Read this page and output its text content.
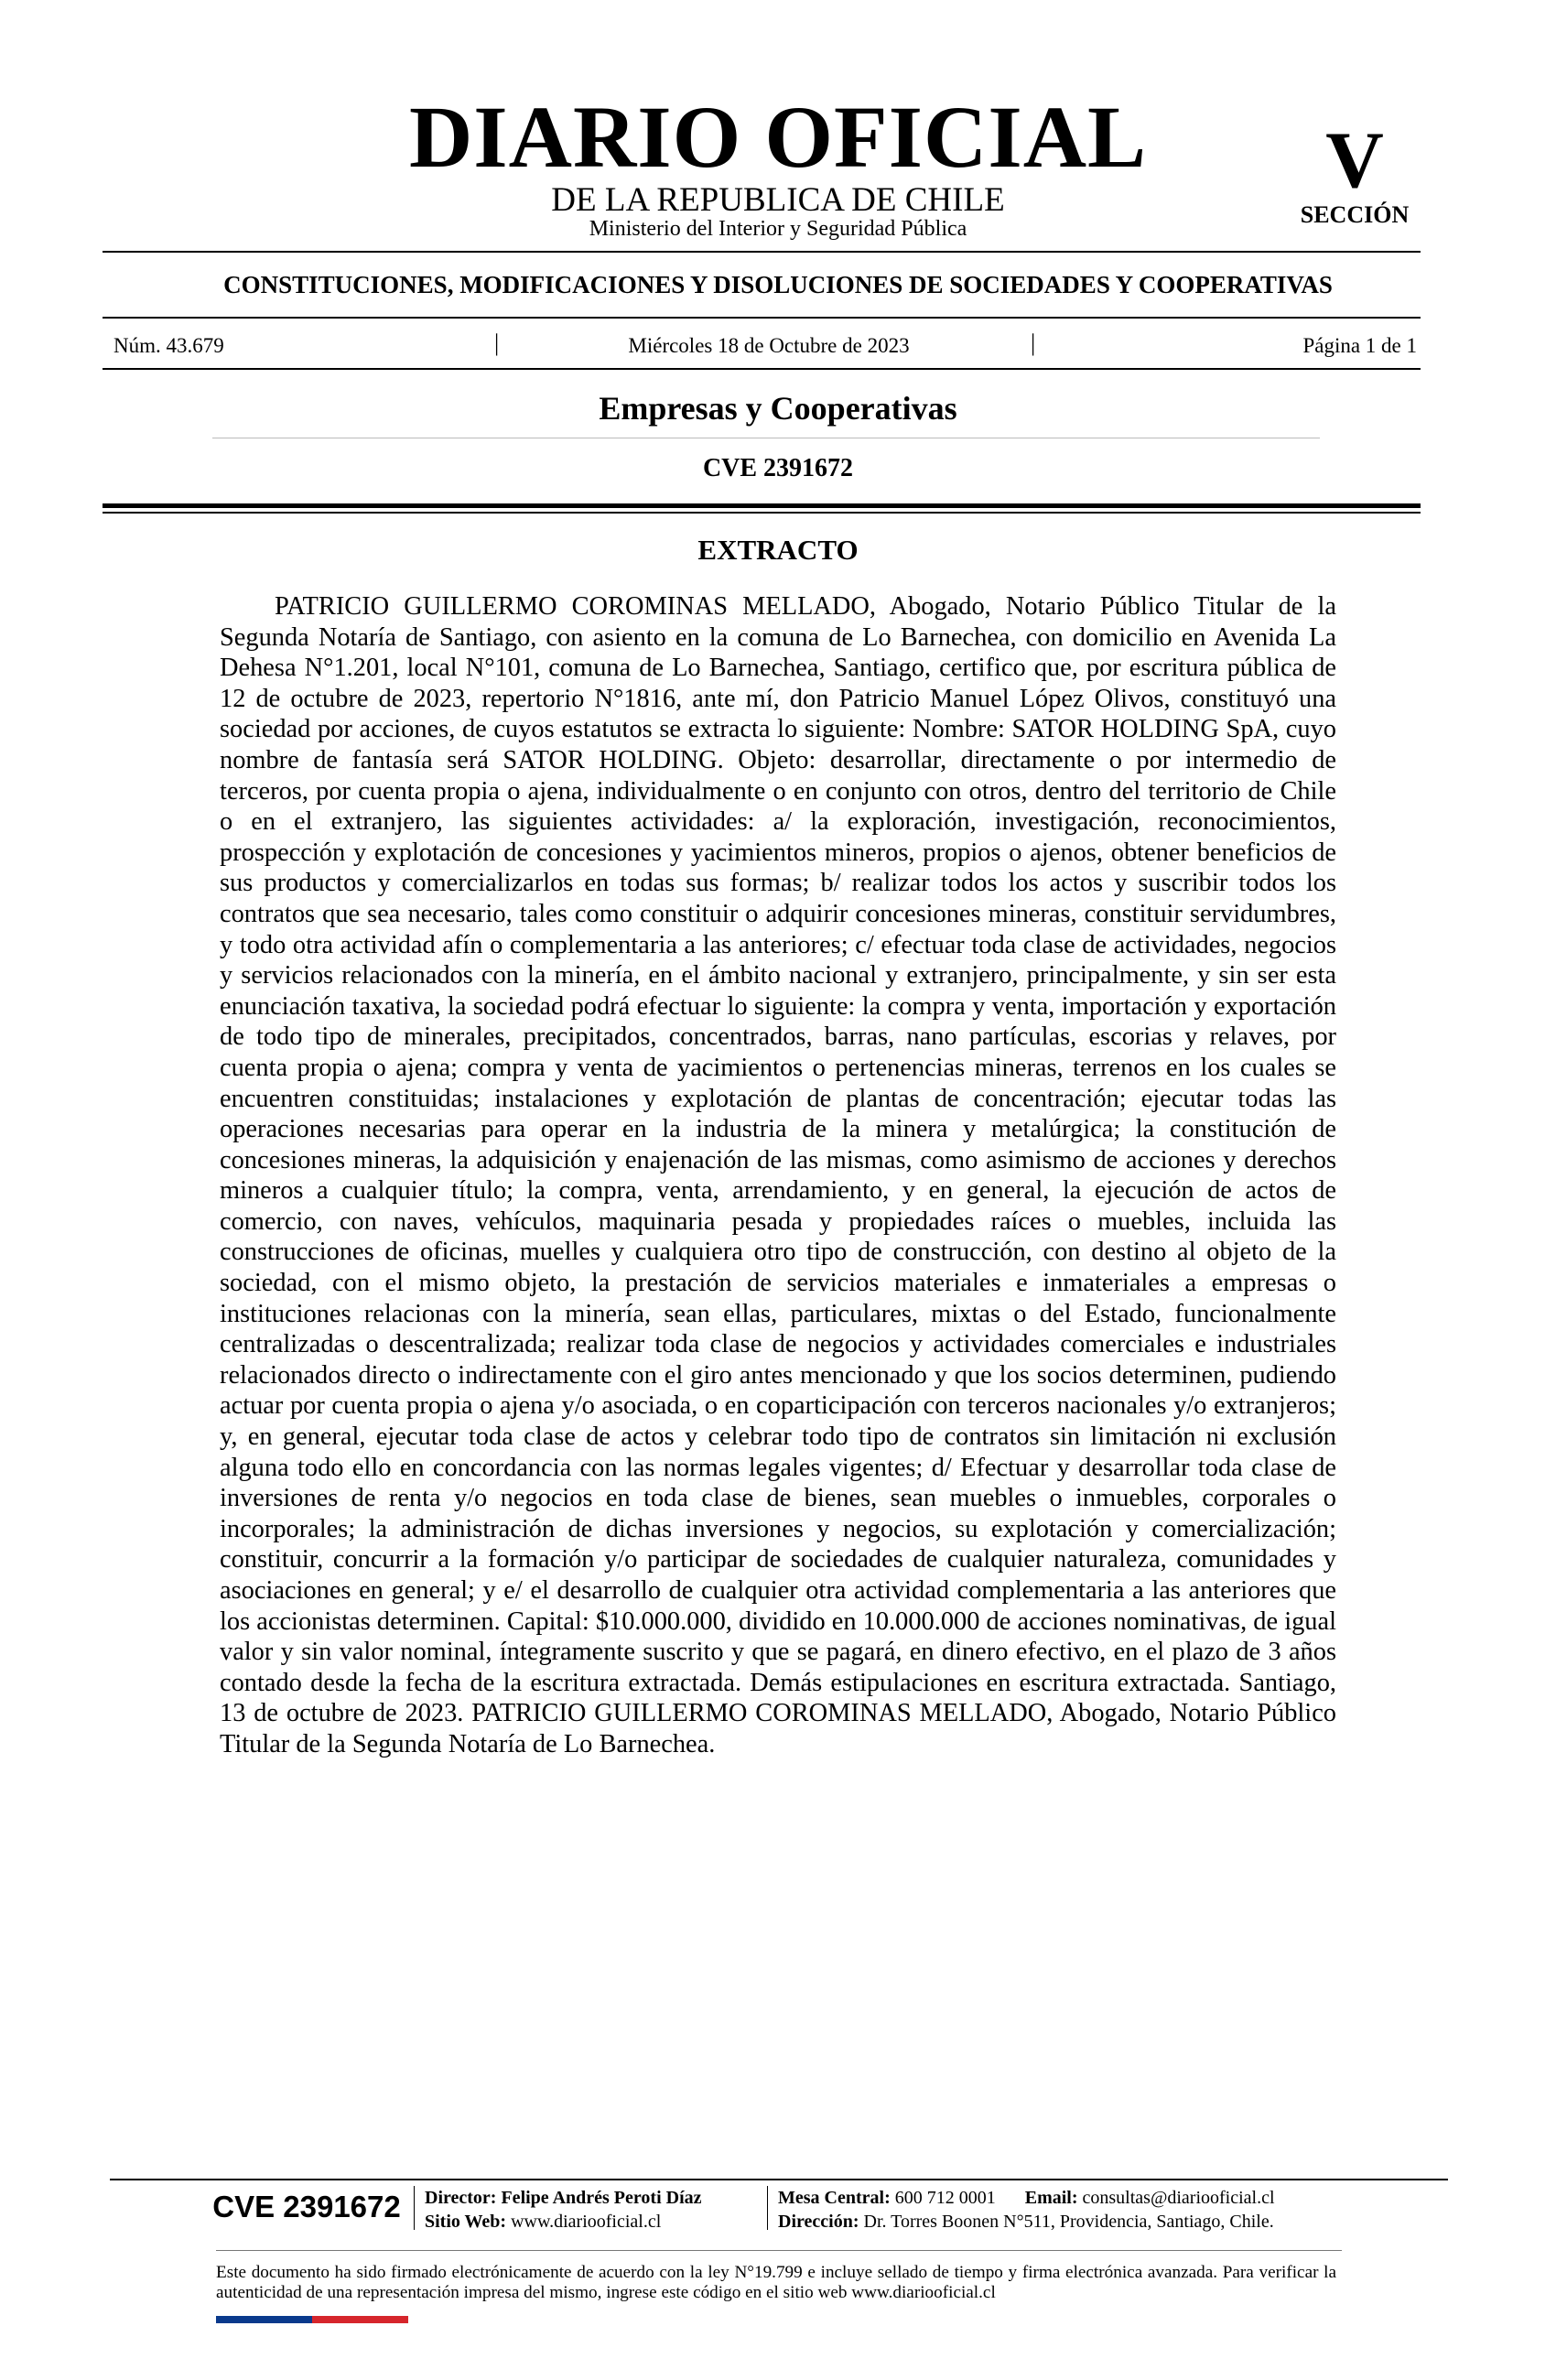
DIARIO OFICIAL
DE LA REPUBLICA DE CHILE
Ministerio del Interior y Seguridad Pública
V
SECCIÓN
CONSTITUCIONES, MODIFICACIONES Y DISOLUCIONES DE SOCIEDADES Y COOPERATIVAS
Núm. 43.679	|	Miércoles 18 de Octubre de 2023	|	Página 1 de 1
Empresas y Cooperativas
CVE 2391672
EXTRACTO
PATRICIO GUILLERMO COROMINAS MELLADO, Abogado, Notario Público Titular de la Segunda Notaría de Santiago, con asiento en la comuna de Lo Barnechea, con domicilio en Avenida La Dehesa N°1.201, local N°101, comuna de Lo Barnechea, Santiago, certifico que, por escritura pública de 12 de octubre de 2023, repertorio N°1816, ante mí, don Patricio Manuel López Olivos, constituyó una sociedad por acciones, de cuyos estatutos se extracta lo siguiente: Nombre: SATOR HOLDING SpA, cuyo nombre de fantasía será SATOR HOLDING. Objeto: desarrollar, directamente o por intermedio de terceros, por cuenta propia o ajena, individualmente o en conjunto con otros, dentro del territorio de Chile o en el extranjero, las siguientes actividades: a/ la exploración, investigación, reconocimientos, prospección y explotación de concesiones y yacimientos mineros, propios o ajenos, obtener beneficios de sus productos y comercializarlos en todas sus formas; b/ realizar todos los actos y suscribir todos los contratos que sea necesario, tales como constituir o adquirir concesiones mineras, constituir servidumbres, y todo otra actividad afín o complementaria a las anteriores; c/ efectuar toda clase de actividades, negocios y servicios relacionados con la minería, en el ámbito nacional y extranjero, principalmente, y sin ser esta enunciación taxativa, la sociedad podrá efectuar lo siguiente: la compra y venta, importación y exportación de todo tipo de minerales, precipitados, concentrados, barras, nano partículas, escorias y relaves, por cuenta propia o ajena; compra y venta de yacimientos o pertenencias mineras, terrenos en los cuales se encuentren constituidas; instalaciones y explotación de plantas de concentración; ejecutar todas las operaciones necesarias para operar en la industria de la minera y metalúrgica; la constitución de concesiones mineras, la adquisición y enajenación de las mismas, como asimismo de acciones y derechos mineros a cualquier título; la compra, venta, arrendamiento, y en general, la ejecución de actos de comercio, con naves, vehículos, maquinaria pesada y propiedades raíces o muebles, incluida las construcciones de oficinas, muelles y cualquiera otro tipo de construcción, con destino al objeto de la sociedad, con el mismo objeto, la prestación de servicios materiales e inmateriales a empresas o instituciones relacionas con la minería, sean ellas, particulares, mixtas o del Estado, funcionalmente centralizadas o descentralizada; realizar toda clase de negocios y actividades comerciales e industriales relacionados directo o indirectamente con el giro antes mencionado y que los socios determinen, pudiendo actuar por cuenta propia o ajena y/o asociada, o en coparticipación con terceros nacionales y/o extranjeros; y, en general, ejecutar toda clase de actos y celebrar todo tipo de contratos sin limitación ni exclusión alguna todo ello en concordancia con las normas legales vigentes; d/ Efectuar y desarrollar toda clase de inversiones de renta y/o negocios en toda clase de bienes, sean muebles o inmuebles, corporales o incorporales; la administración de dichas inversiones y negocios, su explotación y comercialización; constituir, concurrir a la formación y/o participar de sociedades de cualquier naturaleza, comunidades y asociaciones en general; y e/ el desarrollo de cualquier otra actividad complementaria a las anteriores que los accionistas determinen. Capital: $10.000.000, dividido en 10.000.000 de acciones nominativas, de igual valor y sin valor nominal, íntegramente suscrito y que se pagará, en dinero efectivo, en el plazo de 3 años contado desde la fecha de la escritura extractada. Demás estipulaciones en escritura extractada. Santiago, 13 de octubre de 2023. PATRICIO GUILLERMO COROMINAS MELLADO, Abogado, Notario Público Titular de la Segunda Notaría de Lo Barnechea.
CVE 2391672	Director: Felipe Andrés Peroti Díaz
Sitio Web: www.diariooficial.cl
Mesa Central: 600 712 0001 Email: consultas@diariooficial.cl
Dirección: Dr. Torres Boonen N°511, Providencia, Santiago, Chile.
Este documento ha sido firmado electrónicamente de acuerdo con la ley N°19.799 e incluye sellado de tiempo y firma electrónica avanzada. Para verificar la autenticidad de una representación impresa del mismo, ingrese este código en el sitio web www.diariooficial.cl
